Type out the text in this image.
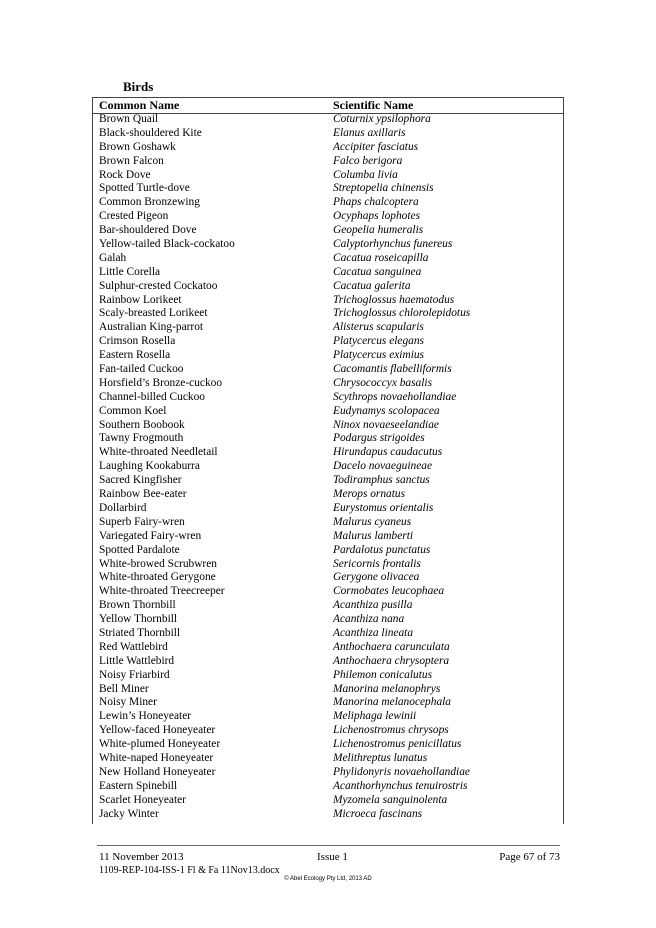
Birds
Common Name	Scientific Name
Brown Quail	Coturnix ypsilophora
Black-shouldered Kite	Elanus axillaris
Brown Goshawk	Accipiter fasciatus
Brown Falcon	Falco berigora
Rock Dove	Columba livia
Spotted Turtle-dove	Streptopelia chinensis
Common Bronzewing	Phaps chalcoptera
Crested Pigeon	Ocyphaps lophotes
Bar-shouldered Dove	Geopelia humeralis
Yellow-tailed Black-cockatoo	Calyptorhynchus funereus
Galah	Cacatua roseicapilla
Little Corella	Cacatua sanguinea
Sulphur-crested Cockatoo	Cacatua galerita
Rainbow Lorikeet	Trichoglossus haematodus
Scaly-breasted Lorikeet	Trichoglossus chlorolepidotus
Australian King-parrot	Alisterus scapularis
Crimson Rosella	Platycercus elegans
Eastern Rosella	Platycercus eximius
Fan-tailed Cuckoo	Cacomantis flabelliformis
Horsfield’s Bronze-cuckoo	Chrysococcyx basalis
Channel-billed Cuckoo	Scythrops novaehollandiae
Common Koel	Eudynamys scolopacea
Southern Boobook	Ninox novaeseelandiae
Tawny Frogmouth	Podargus strigoides
White-throated Needletail	Hirundapus caudacutus
Laughing Kookaburra	Dacelo novaeguineae
Sacred Kingfisher	Todiramphus sanctus
Rainbow Bee-eater	Merops ornatus
Dollarbird	Eurystomus orientalis
Superb Fairy-wren	Malurus cyaneus
Variegated Fairy-wren	Malurus lamberti
Spotted Pardalote	Pardalotus punctatus
White-browed Scrubwren	Sericornis frontalis
White-throated Gerygone	Gerygone olivacea
White-throated Treecreeper	Cormobates leucophaea
Brown Thornbill	Acanthiza pusilla
Yellow Thornbill	Acanthiza nana
Striated Thornbill	Acanthiza lineata
Red Wattlebird	Anthochaera carunculata
Little Wattlebird	Anthochaera chrysoptera
Noisy Friarbird	Philemon conicalutus
Bell Miner	Manorina melanophrys
Noisy Miner	Manorina melanocephala
Lewin’s Honeyeater	Meliphaga lewinii
Yellow-faced Honeyeater	Lichenostromus chrysops
White-plumed Honeyeater	Lichenostromus penicillatus
White-naped Honeyeater	Melithreptus lunatus
New Holland Honeyeater	Phylidonyris novaehollandiae
Eastern Spinebill	Acanthorhynchus tenuirostris
Scarlet Honeyeater	Myzomela sanguinolenta
Jacky Winter	Microeca fascinans
11 November 2013	Issue 1	Page 67 of 73
1109-REP-104-ISS-1 Fl & Fa 11Nov13.docx
© Abel Ecology Pty Ltd, 2013 AD
